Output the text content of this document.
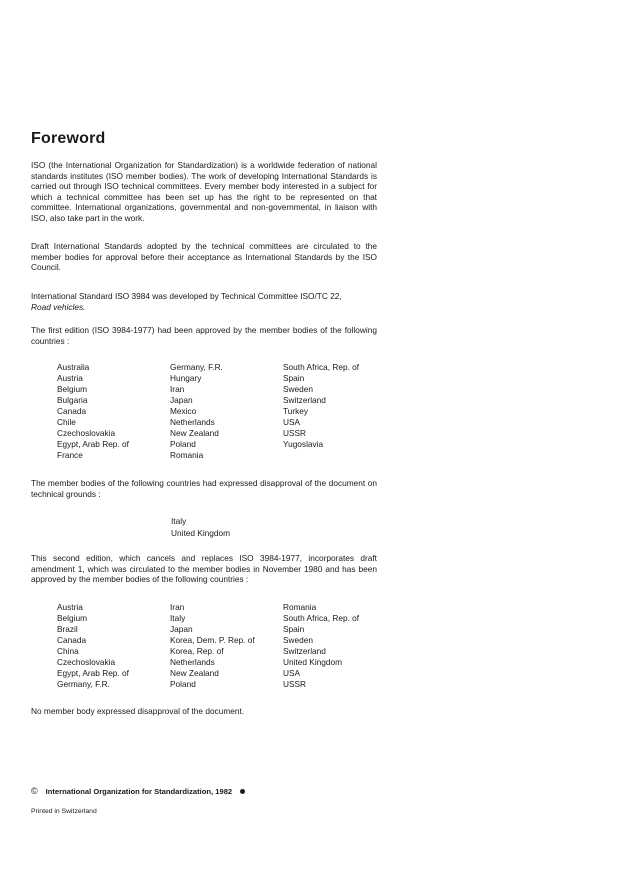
Foreword

ISO (the International Organization for Standardization) is a worldwide federation of national standards institutes (ISO member bodies). The work of developing International Standards is carried out through ISO technical committees. Every member body interested in a subject for which a technical committee has been set up has the right to be represented on that committee. International organizations, governmental and non-governmental, in liaison with ISO, also take part in the work.

Draft International Standards adopted by the technical committees are circulated to the member bodies for approval before their acceptance as International Standards by the ISO Council.

International Standard ISO 3984 was developed by Technical Committee ISO/TC 22,
Road vehicles.

The first edition (ISO 3984-1977) had been approved by the member bodies of the following countries :

Australia	Germany, F.R.	South Africa, Rep. of
Austria	Hungary	Spain
Belgium	Iran	Sweden
Bulgaria	Japan	Switzerland
Canada	Mexico	Turkey
Chile	Netherlands	USA
Czechoslovakia	New Zealand	USSR
Egypt, Arab Rep. of	Poland	Yugoslavia
France	Romania

The member bodies of the following countries had expressed disapproval of the document on technical grounds :

Italy
United Kingdom

This second edition, which cancels and replaces ISO 3984-1977, incorporates draft amendment 1, which was circulated to the member bodies in November 1980 and has been approved by the member bodies of the following countries :

Austria	Iran	Romania
Belgium	Italy	South Africa, Rep. of
Brazil	Japan	Spain
Canada	Korea, Dem. P. Rep. of	Sweden
China	Korea, Rep. of	Switzerland
Czechoslovakia	Netherlands	United Kingdom
Egypt, Arab Rep. of	New Zealand	USA
Germany, F.R.	Poland	USSR

No member body expressed disapproval of the document.

© International Organization for Standardization, 1982
Printed in Switzerland
